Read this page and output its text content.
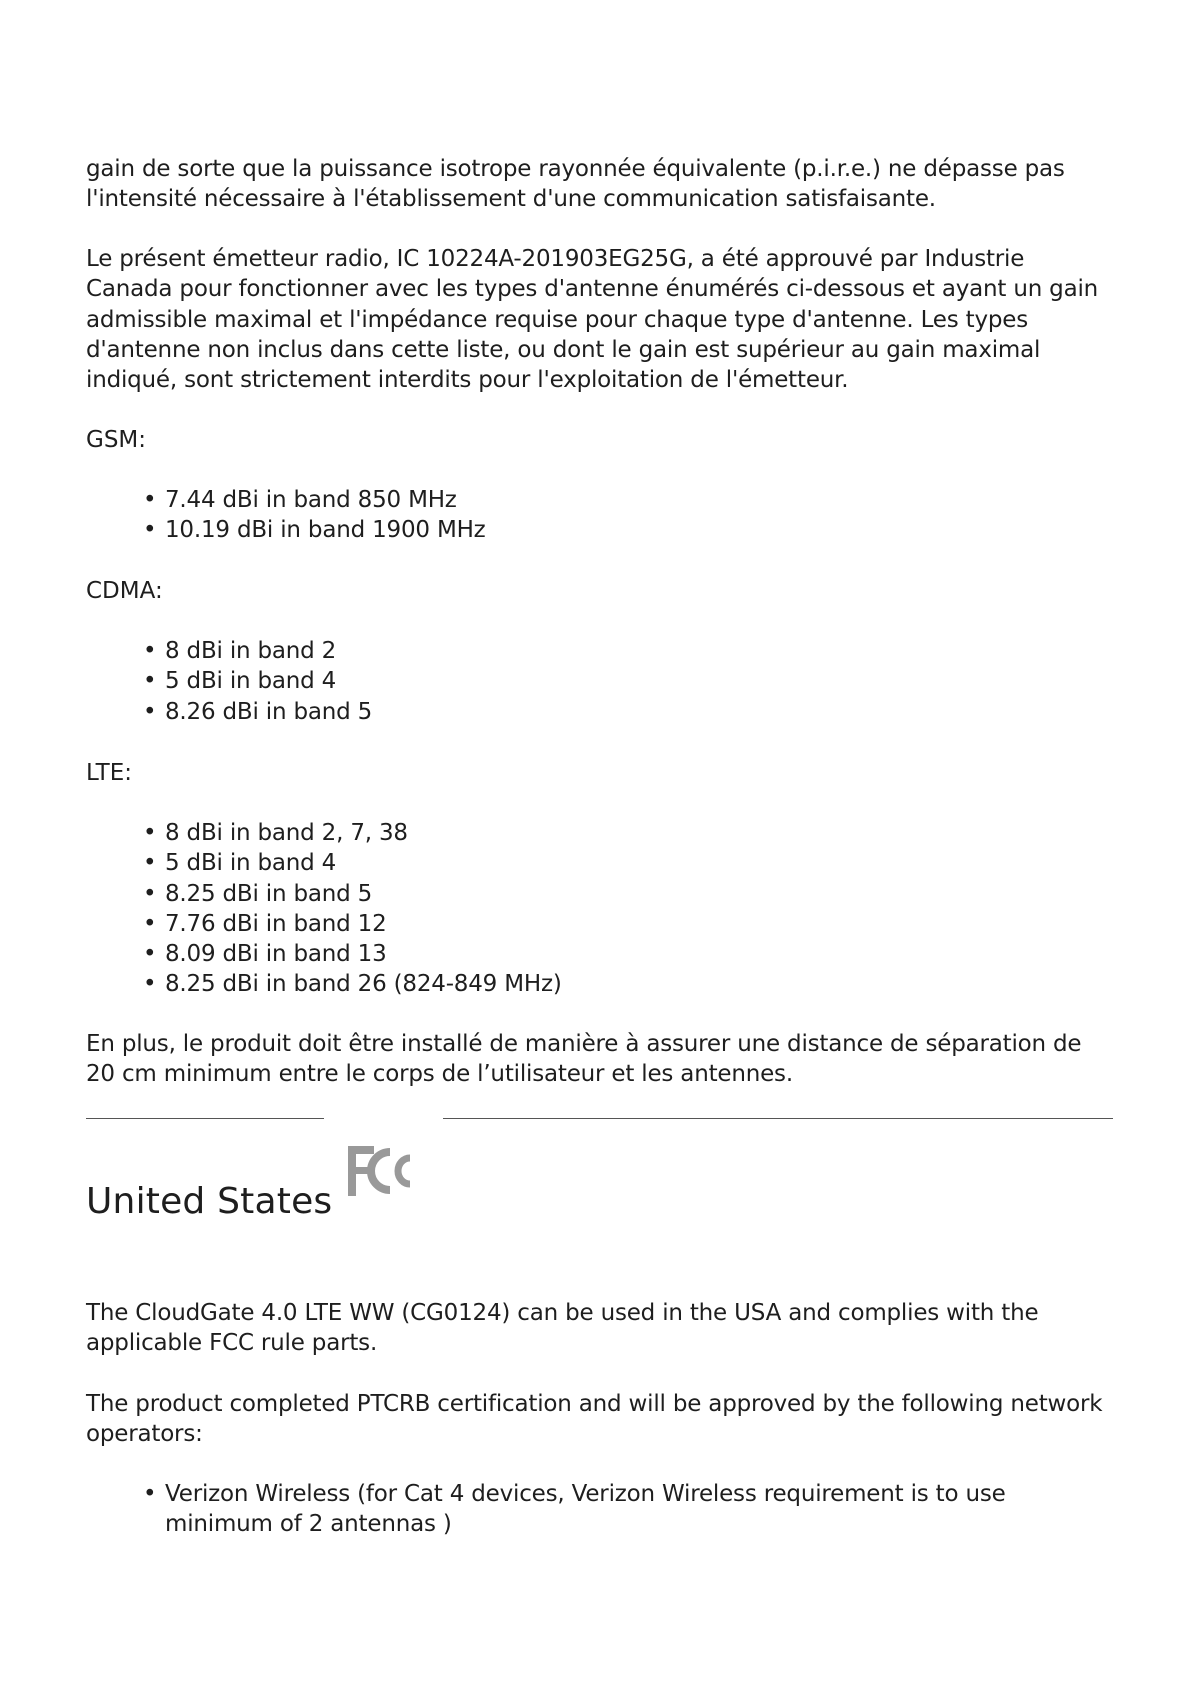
gain de sorte que la puissance isotrope rayonnée équivalente (p.i.r.e.) ne dépasse pas l'intensité nécessaire à l'établissement d'une communication satisfaisante.

Le présent émetteur radio, IC 10224A-201903EG25G, a été approuvé par Industrie Canada pour fonctionner avec les types d'antenne énumérés ci-dessous et ayant un gain admissible maximal et l'impédance requise pour chaque type d'antenne. Les types d'antenne non inclus dans cette liste, ou dont le gain est supérieur au gain maximal indiqué, sont strictement interdits pour l'exploitation de l'émetteur.

GSM:

• 7.44 dBi in band 850 MHz
• 10.19 dBi in band 1900 MHz

CDMA:

• 8 dBi in band 2
• 5 dBi in band 4
• 8.26 dBi in band 5

LTE:

• 8 dBi in band 2, 7, 38
• 5 dBi in band 4
• 8.25 dBi in band 5
• 7.76 dBi in band 12
• 8.09 dBi in band 13
• 8.25 dBi in band 26 (824-849 MHz)

En plus, le produit doit être installé de manière à assurer une distance de séparation de 20 cm minimum entre le corps de l’utilisateur et les antennes.

United States

The CloudGate 4.0 LTE WW (CG0124) can be used in the USA and complies with the applicable FCC rule parts.

The product completed PTCRB certification and will be approved by the following network operators:

• Verizon Wireless (for Cat 4 devices, Verizon Wireless requirement is to use minimum of 2 antennas )
